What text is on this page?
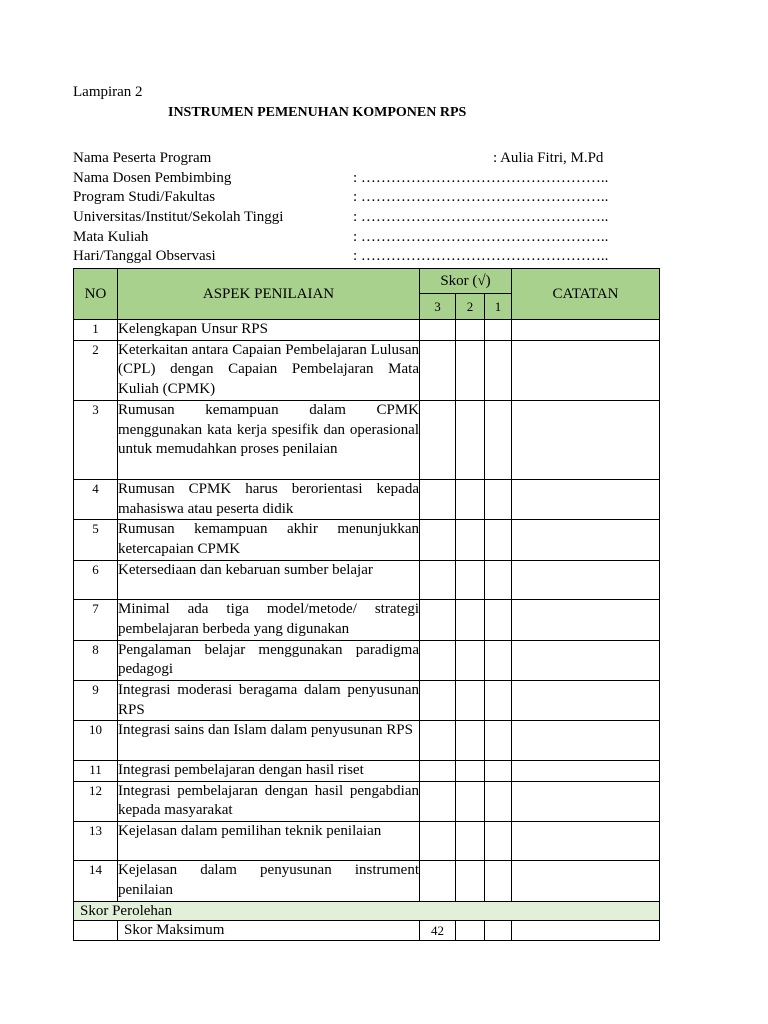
Lampiran 2
INSTRUMEN PEMENUHAN KOMPONEN RPS
Nama Peserta Program	: Aulia Fitri, M.Pd
Nama Dosen Pembimbing	: …………………………………………..
Program Studi/Fakultas	: …………………………………………..
Universitas/Institut/Sekolah Tinggi	: …………………………………………..
Mata Kuliah	: …………………………………………..
Hari/Tanggal Observasi	: …………………………………………..
NO	ASPEK PENILAIAN	Skor (√)			CATATAN
		3	2	1	
1	Kelengkapan Unsur RPS				
2	Keterkaitan antara Capaian Pembelajaran Lulusan (CPL) dengan Capaian Pembelajaran Mata Kuliah (CPMK)				
3	Rumusan kemampuan dalam CPMK menggunakan kata kerja spesifik dan operasional untuk memudahkan proses penilaian				
4	Rumusan CPMK harus berorientasi kepada mahasiswa atau peserta didik				
5	Rumusan kemampuan akhir menunjukkan ketercapaian CPMK				
6	Ketersediaan dan kebaruan sumber belajar				
7	Minimal ada tiga model/metode/ strategi pembelajaran berbeda yang digunakan				
8	Pengalaman belajar menggunakan paradigma pedagogi				
9	Integrasi moderasi beragama dalam penyusunan RPS				
10	Integrasi sains dan Islam dalam penyusunan RPS				
11	Integrasi pembelajaran dengan hasil riset				
12	Integrasi pembelajaran dengan hasil pengabdian kepada masyarakat				
13	Kejelasan dalam pemilihan teknik penilaian				
14	Kejelasan dalam penyusunan instrument penilaian				
Skor Perolehan					
	Skor Maksimum	42			
